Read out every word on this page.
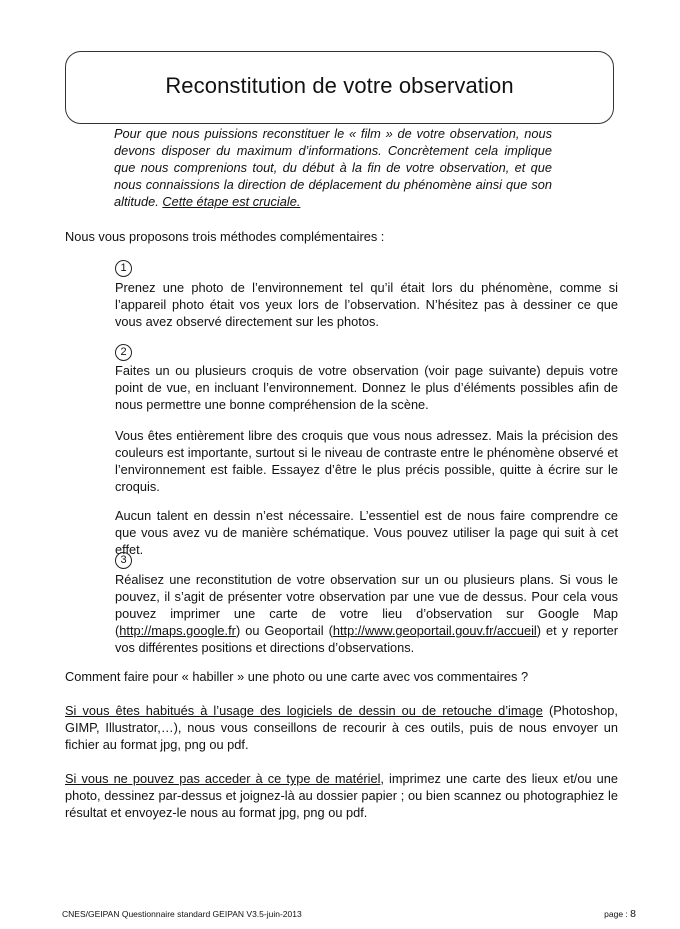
Reconstitution de votre observation

Pour que nous puissions reconstituer le « film » de votre observation, nous devons disposer du maximum d’informations. Concrètement cela implique que nous comprenions tout, du début à la fin de votre observation, et que nous connaissions la direction de déplacement du phénomène ainsi que son altitude. Cette étape est cruciale.

Nous vous proposons trois méthodes complémentaires :

1

Prenez une photo de l’environnement tel qu’il était lors du phénomène, comme si l’appareil photo était vos yeux lors de l’observation. N’hésitez pas à dessiner ce que vous avez observé directement sur les photos.

2

Faites un ou plusieurs croquis de votre observation (voir page suivante) depuis votre point de vue, en incluant l’environnement. Donnez le plus d’éléments possibles afin de nous permettre une bonne compréhension de la scène.

Vous êtes entièrement libre des croquis que vous nous adressez. Mais la précision des couleurs est importante, surtout si le niveau de contraste entre le phénomène observé et l’environnement est faible. Essayez d’être le plus précis possible, quitte à écrire sur le croquis.

Aucun talent en dessin n’est nécessaire. L’essentiel est de nous faire comprendre ce que vous avez vu de manière schématique. Vous pouvez utiliser la page qui suit à cet effet.

3

Réalisez une reconstitution de votre observation sur un ou plusieurs plans. Si vous le pouvez, il s’agit de présenter votre observation par une vue de dessus. Pour cela vous pouvez imprimer une carte de votre lieu d’observation sur Google Map (http://maps.google.fr) ou Geoportail (http://www.geoportail.gouv.fr/accueil) et y reporter vos différentes positions et directions d’observations.

Comment faire pour « habiller » une photo ou une carte avec vos commentaires ?

Si vous êtes habitués à l’usage des logiciels de dessin ou de retouche d’image (Photoshop, GIMP, Illustrator,…), nous vous conseillons de recourir à ces outils, puis de nous envoyer un fichier au format jpg, png ou pdf.

Si vous ne pouvez pas acceder à ce type de matériel, imprimez une carte des lieux et/ou une photo, dessinez par-dessus et joignez-là au dossier papier ; ou bien scannez ou photographiez le résultat et envoyez-le nous au format jpg, png ou pdf.

CNES/GEIPAN Questionnaire standard GEIPAN V3.5-juin-2013	page : 8
